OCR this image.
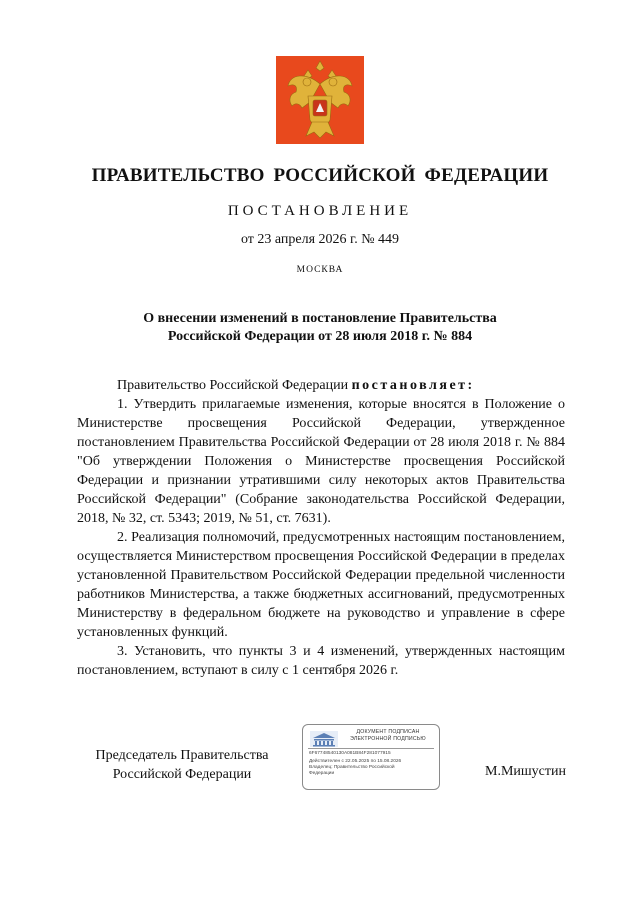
ПРАВИТЕЛЬСТВО РОССИЙСКОЙ ФЕДЕРАЦИИ
ПОСТАНОВЛЕНИЕ
от 23 апреля 2026 г. № 449
МОСКВА
О внесении изменений в постановление Правительства
Российской Федерации от 28 июля 2018 г. № 884

Правительство Российской Федерации постановляет:

1. Утвердить прилагаемые изменения, которые вносятся в Положение о Министерстве просвещения Российской Федерации, утвержденное постановлением Правительства Российской Федерации от 28 июля 2018 г. № 884 "Об утверждении Положения о Министерстве просвещения Российской Федерации и признании утратившими силу некоторых актов Правительства Российской Федерации" (Собрание законодательства Российской Федерации, 2018, № 32, ст. 5343; 2019, № 51, ст. 7631).

2. Реализация полномочий, предусмотренных настоящим постановлением, осуществляется Министерством просвещения Российской Федерации в пределах установленной Правительством Российской Федерации предельной численности работников Министерства, а также бюджетных ассигнований, предусмотренных Министерству в федеральном бюджете на руководство и управление в сфере установленных функций.

3. Установить, что пункты 3 и 4 изменений, утвержденных настоящим постановлением, вступают в силу с 1 сентября 2026 г.

Председатель Правительства
Российской Федерации
ДОКУМЕНТ ПОДПИСАН
ЭЛЕКТРОННОЙ ПОДПИСЬЮ
6F67748540130A081B84F281077915
Действителен с 22.05.2025 по 15.08.2026
Владелец: Правительство Российской
Федерации	М.Мишустин
